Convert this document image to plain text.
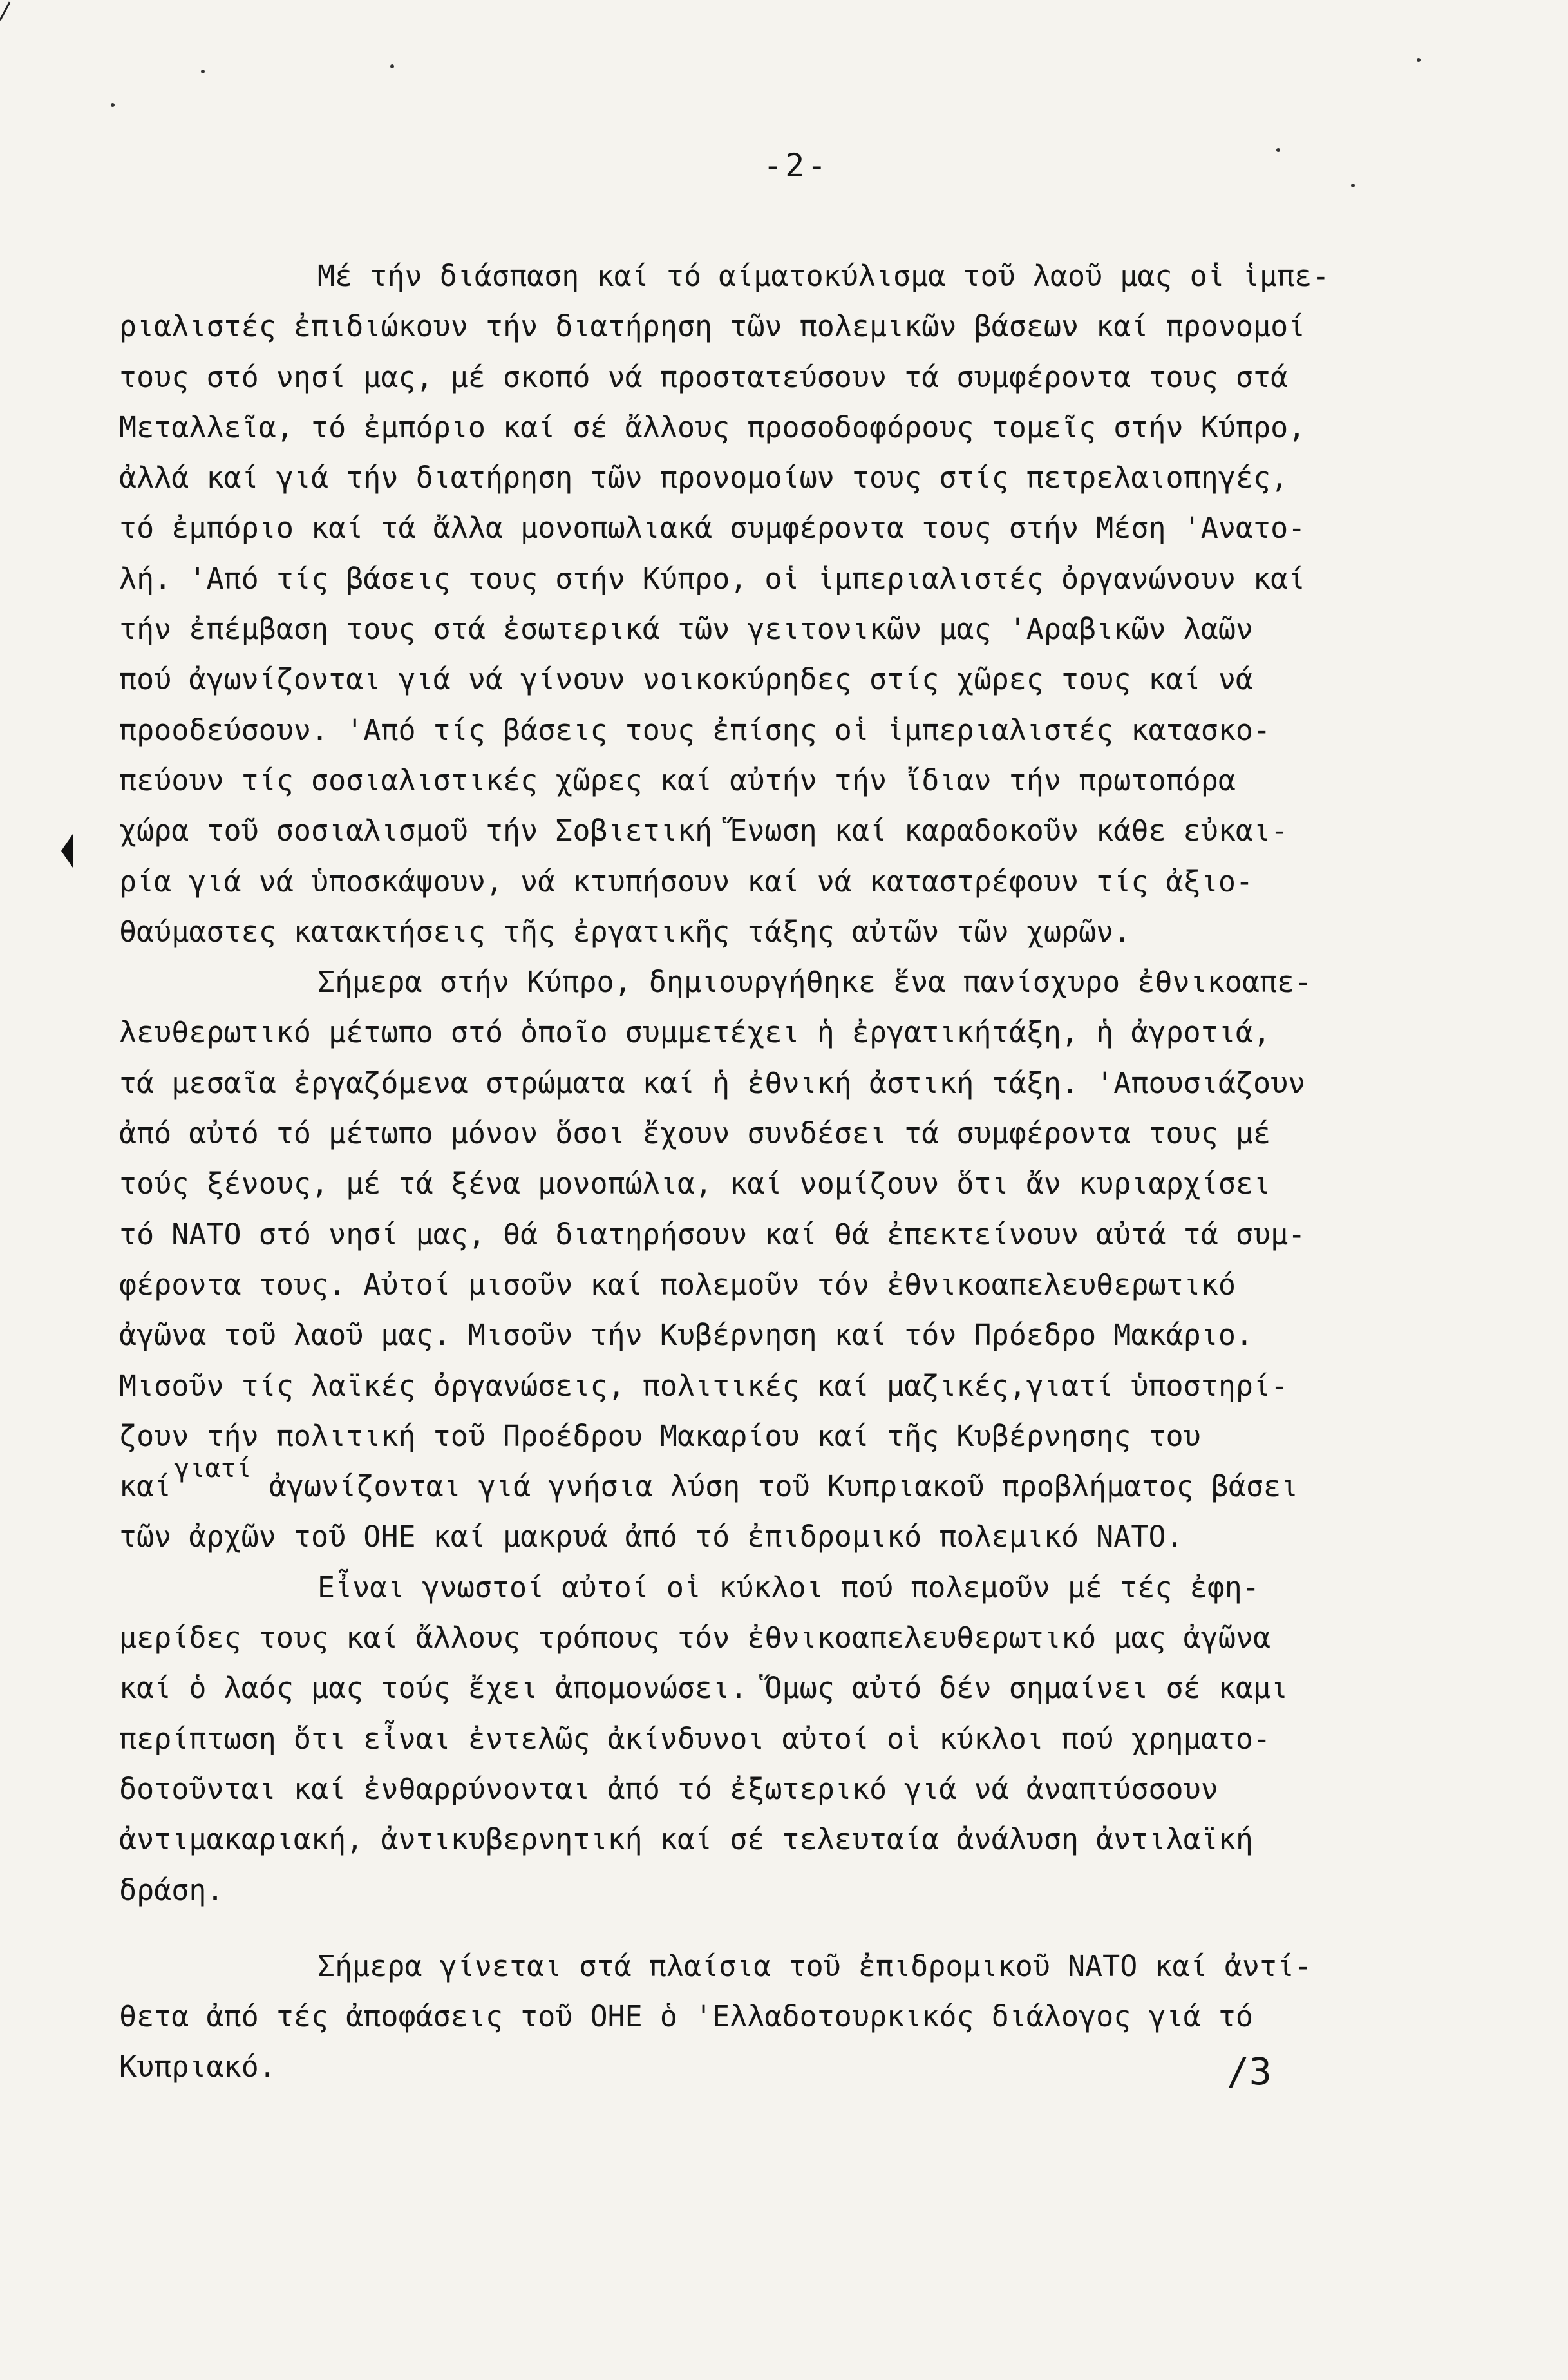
-2-
Μέ τήν διάσπαση καί τό αίματοκύλισμα τοῦ λαοῦ μας οἱ ἱμπε-
ριαλιστές ἐπιδιώκουν τήν διατήρηση τῶν πολεμικῶν βάσεων καί προνομοί
τους στό νησί μας, μέ σκοπό νά προστατεύσουν τά συμφέροντα τους στά
Μεταλλεῖα, τό ἐμπόριο καί σέ ἄλλους προσοδοφόρους τομεῖς στήν Κύπρο,
ἀλλά καί γιά τήν διατήρηση τῶν προνομοίων τους στίς πετρελαιοπηγές,
τό ἐμπόριο καί τά ἄλλα μονοπωλιακά συμφέροντα τους στήν Μέση 'Ανατο-
λή. 'Από τίς βάσεις τους στήν Κύπρο, οἱ ἱμπεριαλιστές ὀργανώνουν καί
τήν ἐπέμβαση τους στά ἐσωτερικά τῶν γειτονικῶν μας 'Αραβικῶν λαῶν
πού ἀγωνίζονται γιά νά γίνουν νοικοκύρηδες στίς χῶρες τους καί νά
προοδεύσουν. 'Από τίς βάσεις τους ἐπίσης οἱ ἱμπεριαλιστές κατασκο-
πεύουν τίς σοσιαλιστικές χῶρες καί αὐτήν τήν ἴδιαν τήν πρωτοπόρα
χώρα τοῦ σοσιαλισμοῦ τήν Σοβιετική Ἕνωση καί καραδοκοῦν κάθε εὐκαι-
ρία γιά νά ὑποσκάψουν, νά κτυπήσουν καί νά καταστρέφουν τίς ἀξιο-
θαύμαστες κατακτήσεις τῆς ἐργατικῆς τάξης αὐτῶν τῶν χωρῶν.
Σήμερα στήν Κύπρο, δημιουργήθηκε ἕνα πανίσχυρο ἐθνικοαπε-
λευθερωτικό μέτωπο στό ὁποῖο συμμετέχει ἡ ἐργατικήτάξη, ἡ ἀγροτιά,
τά μεσαῖα ἐργαζόμενα στρώματα καί ἡ ἐθνική ἀστική τάξη. 'Απουσιάζουν
ἀπό αὐτό τό μέτωπο μόνον ὅσοι ἔχουν συνδέσει τά συμφέροντα τους μέ
τούς ξένους, μέ τά ξένα μονοπώλια, καί νομίζουν ὅτι ἄν κυριαρχίσει
τό ΝΑΤΟ στό νησί μας, θά διατηρήσουν καί θά ἐπεκτείνουν αὐτά τά συμ-
φέροντα τους. Αὐτοί μισοῦν καί πολεμοῦν τόν ἐθνικοαπελευθερωτικό
ἀγῶνα τοῦ λαοῦ μας. Μισοῦν τήν Κυβέρνηση καί τόν Πρόεδρο Μακάριο.
Μισοῦν τίς λαϊκές ὀργανώσεις, πολιτικές καί μαζικές,γιατί ὑποστηρί-
ζουν τήν πολιτική τοῦ Προέδρου Μακαρίου καί τῆς Κυβέρνησης του
καίγιατί ἀγωνίζονται γιά γνήσια λύση τοῦ Κυπριακοῦ προβλήματος βάσει
τῶν ἀρχῶν τοῦ ΟΗΕ καί μακρυά ἀπό τό ἐπιδρομικό πολεμικό ΝΑΤΟ.
Εἶναι γνωστοί αὐτοί οἱ κύκλοι πού πολεμοῦν μέ τές ἐφη-
μερίδες τους καί ἄλλους τρόπους τόν ἐθνικοαπελευθερωτικό μας ἀγῶνα
καί ὁ λαός μας τούς ἔχει ἀπομονώσει. Ὅμως αὐτό δέν σημαίνει σέ καμι
περίπτωση ὅτι εἶναι ἐντελῶς ἀκίνδυνοι αὐτοί οἱ κύκλοι πού χρηματο-
δοτοῦνται καί ἐνθαρρύνονται ἀπό τό ἐξωτερικό γιά νά ἀναπτύσσουν
ἀντιμακαριακή, ἀντικυβερνητική καί σέ τελευταία ἀνάλυση ἀντιλαϊκή
δράση.
Σήμερα γίνεται στά πλαίσια τοῦ ἐπιδρομικοῦ ΝΑΤΟ καί ἀντί-
θετα ἀπό τές ἀποφάσεις τοῦ ΟΗΕ ὁ 'Ελλαδοτουρκικός διάλογος γιά τό
Κυπριακό.	/3
